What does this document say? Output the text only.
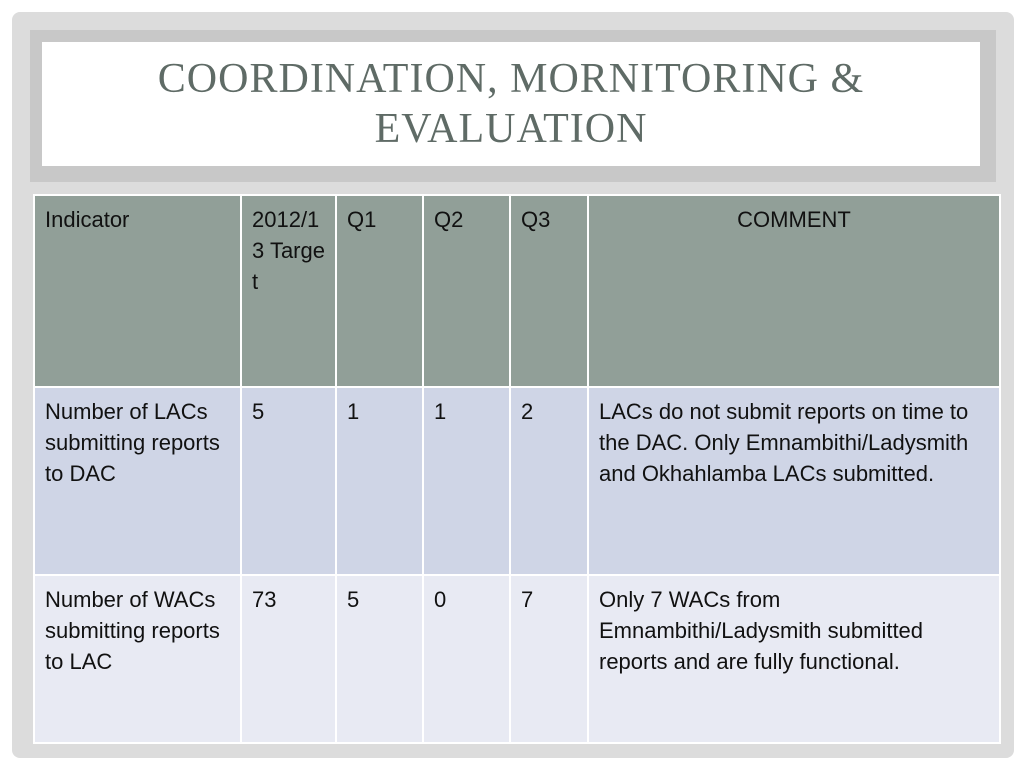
COORDINATION, MORNITORING & EVALUATION
Indicator	2012/13 Target	Q1	Q2	Q3	COMMENT
Number of LACs submitting reports to DAC	5	1	1	2	LACs do not submit reports on time to the DAC. Only Emnambithi/Ladysmith and Okhahlamba LACs submitted.
Number of WACs submitting reports to LAC	73	5	0	7	Only 7 WACs from Emnambithi/Ladysmith submitted reports and are fully functional.
